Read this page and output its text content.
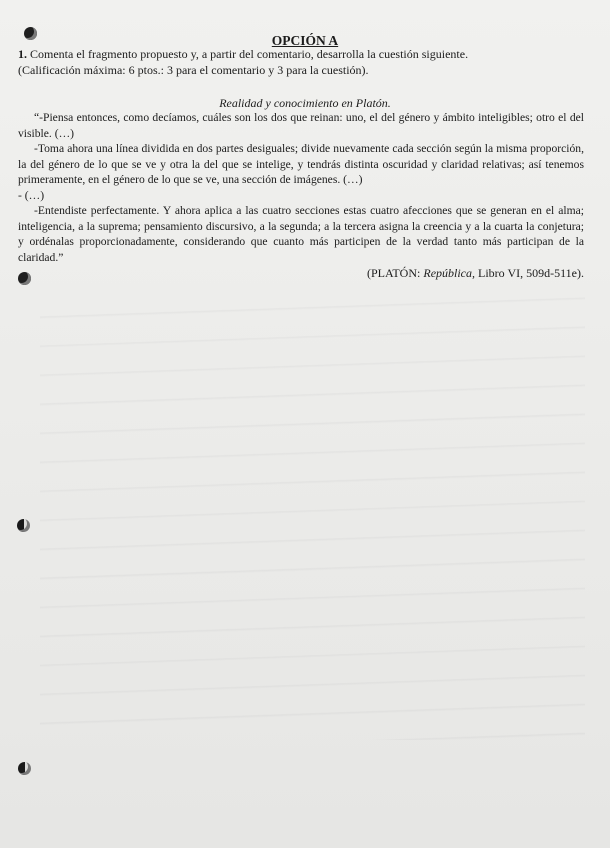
OPCIÓN A
1. Comenta el fragmento propuesto y, a partir del comentario, desarrolla la cuestión siguiente.
(Calificación máxima: 6 ptos.: 3 para el comentario y 3 para la cuestión).
Realidad y conocimiento en Platón.

“-Piensa entonces, como decíamos, cuáles son los dos que reinan: uno, el del género y ámbito inteligibles; otro el del visible. (…)

-Toma ahora una línea dividida en dos partes desiguales; divide nuevamente cada sección según la misma proporción, la del género de lo que se ve y otra la del que se intelige, y tendrás distinta oscuridad y claridad relativas; así tenemos primeramente, en el género de lo que se ve, una sección de imágenes. (…)

- (…)

-Entendiste perfectamente. Y ahora aplica a las cuatro secciones estas cuatro afecciones que se generan en el alma; inteligencia, a la suprema; pensamiento discursivo, a la segunda; a la tercera asigna la creencia y a la cuarta la conjetura; y ordénalas proporcionadamente, considerando que cuanto más participen de la verdad tanto más participan de la claridad.”

(PLATÓN: República, Libro VI, 509d-511e).
